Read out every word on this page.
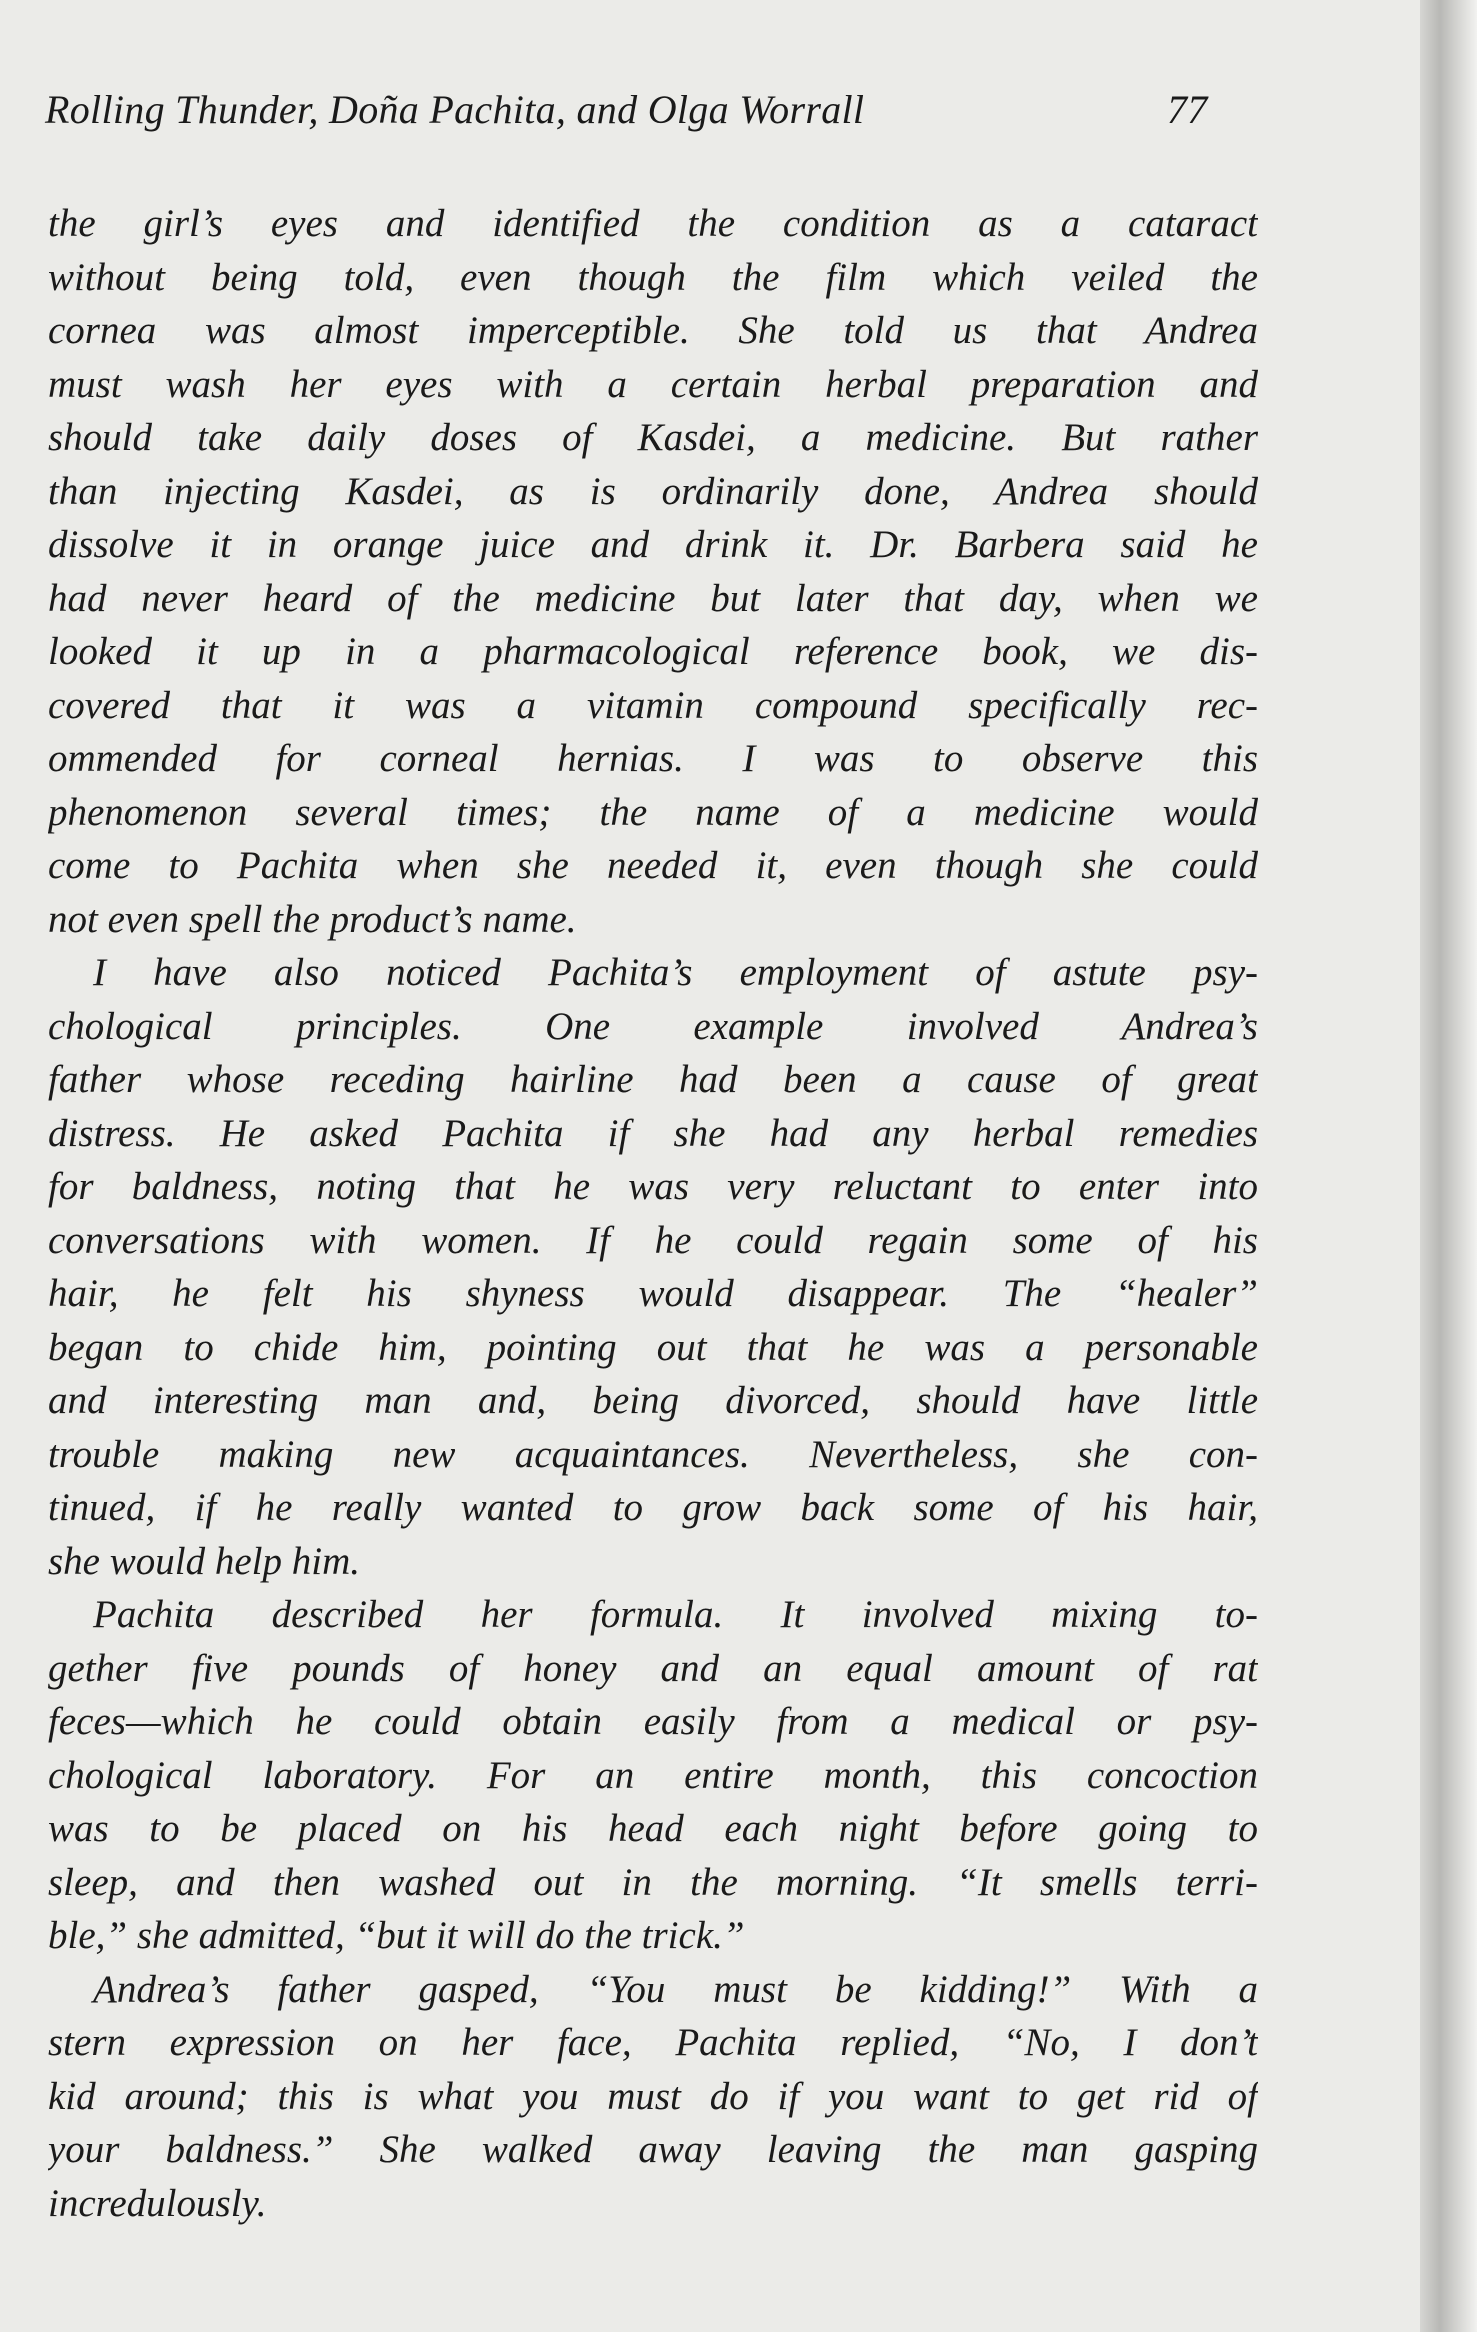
Rolling Thunder, Doña Pachita, and Olga Worrall	77
the girl’s eyes and identified the condition as a cataract
without being told, even though the film which veiled the
cornea was almost imperceptible. She told us that Andrea
must wash her eyes with a certain herbal preparation and
should take daily doses of Kasdei, a medicine. But rather
than injecting Kasdei, as is ordinarily done, Andrea should
dissolve it in orange juice and drink it. Dr. Barbera said he
had never heard of the medicine but later that day, when we
looked it up in a pharmacological reference book, we dis-
covered that it was a vitamin compound specifically rec-
ommended for corneal hernias. I was to observe this
phenomenon several times; the name of a medicine would
come to Pachita when she needed it, even though she could
not even spell the product’s name.
I have also noticed Pachita’s employment of astute psy-
chological principles. One example involved Andrea’s
father whose receding hairline had been a cause of great
distress. He asked Pachita if she had any herbal remedies
for baldness, noting that he was very reluctant to enter into
conversations with women. If he could regain some of his
hair, he felt his shyness would disappear. The “healer”
began to chide him, pointing out that he was a personable
and interesting man and, being divorced, should have little
trouble making new acquaintances. Nevertheless, she con-
tinued, if he really wanted to grow back some of his hair,
she would help him.
Pachita described her formula. It involved mixing to-
gether five pounds of honey and an equal amount of rat
feces—which he could obtain easily from a medical or psy-
chological laboratory. For an entire month, this concoction
was to be placed on his head each night before going to
sleep, and then washed out in the morning. “It smells terri-
ble,” she admitted, “but it will do the trick.”
Andrea’s father gasped, “You must be kidding!” With a
stern expression on her face, Pachita replied, “No, I don’t
kid around; this is what you must do if you want to get rid of
your baldness.” She walked away leaving the man gasping
incredulously.
